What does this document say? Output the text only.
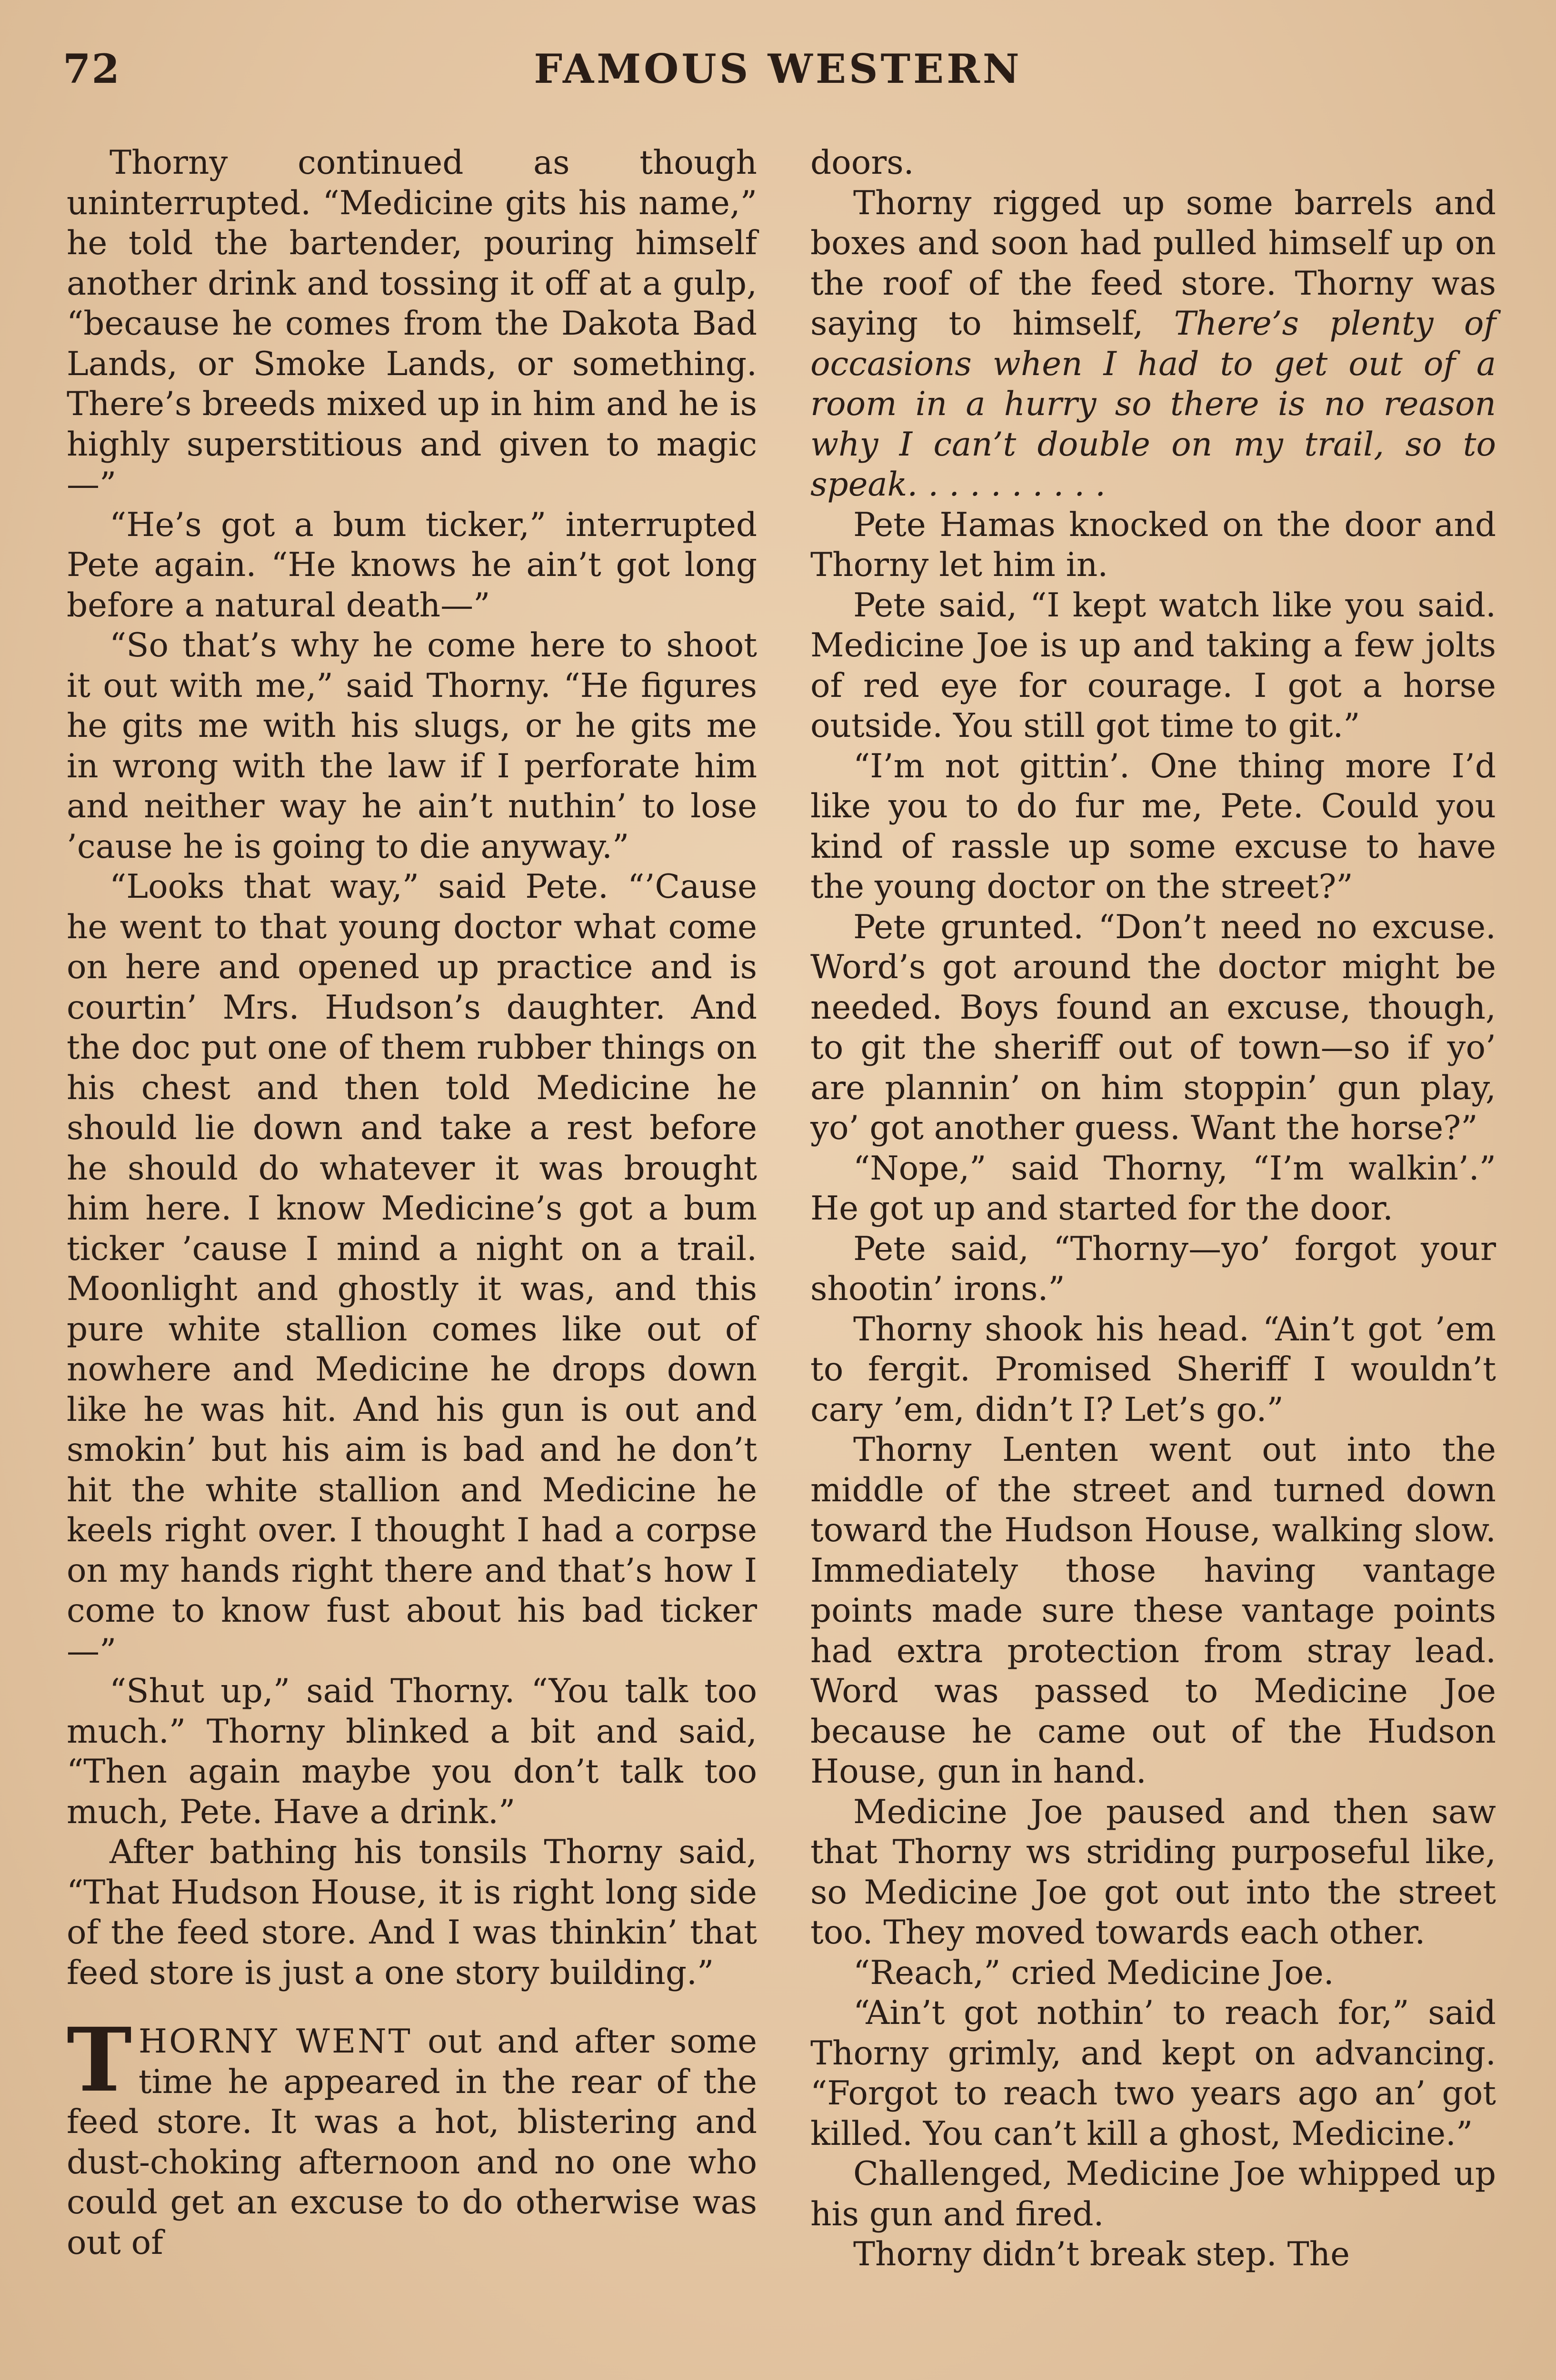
72	FAMOUS WESTERN

Thorny continued as though uninterrupted. “Medicine gits his name,” he told the bartender, pouring himself another drink and tossing it off at a gulp, “because he comes from the Dakota Bad Lands, or Smoke Lands, or something. There’s breeds mixed up in him and he is highly superstitious and given to magic—”

“He’s got a bum ticker,” interrupted Pete again. “He knows he ain’t got long before a natural death—”

“So that’s why he come here to shoot it out with me,” said Thorny. “He figures he gits me with his slugs, or he gits me in wrong with the law if I perforate him and neither way he ain’t nuthin’ to lose ’cause he is going to die anyway.”

“Looks that way,” said Pete. “’Cause he went to that young doctor what come on here and opened up practice and is courtin’ Mrs. Hudson’s daughter. And the doc put one of them rubber things on his chest and then told Medicine he should lie down and take a rest before he should do whatever it was brought him here. I know Medicine’s got a bum ticker ’cause I mind a night on a trail. Moonlight and ghostly it was, and this pure white stallion comes like out of nowhere and Medicine he drops down like he was hit. And his gun is out and smokin’ but his aim is bad and he don’t hit the white stallion and Medicine he keels right over. I thought I had a corpse on my hands right there and that’s how I come to know fust about his bad ticker—”

“Shut up,” said Thorny. “You talk too much.” Thorny blinked a bit and said, “Then again maybe you don’t talk too much, Pete. Have a drink.”

After bathing his tonsils Thorny said, “That Hudson House, it is right long side of the feed store. And I was thinkin’ that feed store is just a one story building.”

THORNY WENT out and after some time he appeared in the rear of the feed store. It was a hot, blistering and dust-choking afternoon and no one who could get an excuse to do otherwise was out of

doors.

Thorny rigged up some barrels and boxes and soon had pulled himself up on the roof of the feed store. Thorny was saying to himself, There’s plenty of occasions when I had to get out of a room in a hurry so there is no reason why I can’t double on my trail, so to speak. . . . . . . . . .

Pete Hamas knocked on the door and Thorny let him in.

Pete said, “I kept watch like you said. Medicine Joe is up and taking a few jolts of red eye for courage. I got a horse outside. You still got time to git.”

“I’m not gittin’. One thing more I’d like you to do fur me, Pete. Could you kind of rassle up some excuse to have the young doctor on the street?”

Pete grunted. “Don’t need no excuse. Word’s got around the doctor might be needed. Boys found an excuse, though, to git the sheriff out of town—so if yo’ are plannin’ on him stoppin’ gun play, yo’ got another guess. Want the horse?”

“Nope,” said Thorny, “I’m walkin’.” He got up and started for the door.

Pete said, “Thorny—yo’ forgot your shootin’ irons.”

Thorny shook his head. “Ain’t got ’em to fergit. Promised Sheriff I wouldn’t cary ’em, didn’t I? Let’s go.”

Thorny Lenten went out into the middle of the street and turned down toward the Hudson House, walking slow. Immediately those having vantage points made sure these vantage points had extra protection from stray lead. Word was passed to Medicine Joe because he came out of the Hudson House, gun in hand.

Medicine Joe paused and then saw that Thorny ws striding purposeful like, so Medicine Joe got out into the street too. They moved towards each other.

“Reach,” cried Medicine Joe.

“Ain’t got nothin’ to reach for,” said Thorny grimly, and kept on advancing. “Forgot to reach two years ago an’ got killed. You can’t kill a ghost, Medicine.”

Challenged, Medicine Joe whipped up his gun and fired.

Thorny didn’t break step. The
